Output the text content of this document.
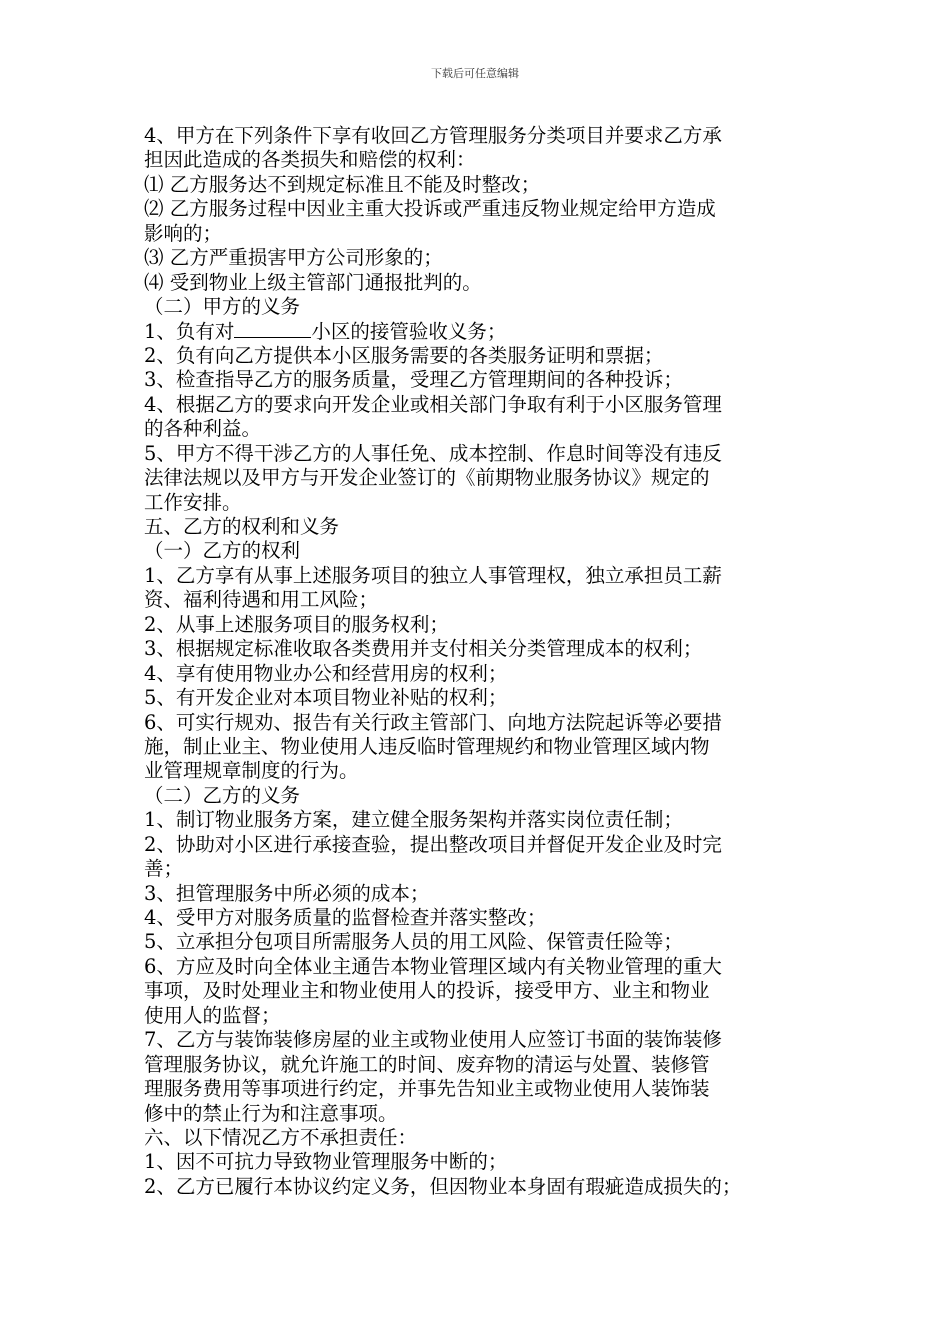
下载后可任意编辑
4、甲方在下列条件下享有收回乙方管理服务分类项目并要求乙方承
担因此造成的各类损失和赔偿的权利：
⑴ 乙方服务达不到规定标准且不能及时整改；
⑵ 乙方服务过程中因业主重大投诉或严重违反物业规定给甲方造成
影响的；
⑶ 乙方严重损害甲方公司形象的；
⑷ 受到物业上级主管部门通报批判的。
（二）甲方的义务
1、负有对	小区的接管验收义务；
2、负有向乙方提供本小区服务需要的各类服务证明和票据；
3、检查指导乙方的服务质量，受理乙方管理期间的各种投诉；
4、根据乙方的要求向开发企业或相关部门争取有利于小区服务管理
的各种利益。
5、甲方不得干涉乙方的人事任免、成本控制、作息时间等没有违反
法律法规以及甲方与开发企业签订的《前期物业服务协议》规定的
工作安排。
五、乙方的权利和义务
（一）乙方的权利
1、乙方享有从事上述服务项目的独立人事管理权，独立承担员工薪
资、福利待遇和用工风险；
2、从事上述服务项目的服务权利；
3、根据规定标准收取各类费用并支付相关分类管理成本的权利；
4、享有使用物业办公和经营用房的权利；
5、有开发企业对本项目物业补贴的权利；
6、可实行规劝、报告有关行政主管部门、向地方法院起诉等必要措
施，制止业主、物业使用人违反临时管理规约和物业管理区域内物
业管理规章制度的行为。
（二）乙方的义务
1、制订物业服务方案，建立健全服务架构并落实岗位责任制；
2、协助对小区进行承接查验，提出整改项目并督促开发企业及时完
善；
3、担管理服务中所必须的成本；
4、受甲方对服务质量的监督检查并落实整改；
5、立承担分包项目所需服务人员的用工风险、保管责任险等；
6、方应及时向全体业主通告本物业管理区域内有关物业管理的重大
事项，及时处理业主和物业使用人的投诉，接受甲方、业主和物业
使用人的监督；
7、乙方与装饰装修房屋的业主或物业使用人应签订书面的装饰装修
管理服务协议，就允许施工的时间、废弃物的清运与处置、装修管
理服务费用等事项进行约定，并事先告知业主或物业使用人装饰装
修中的禁止行为和注意事项。
六、以下情况乙方不承担责任：
1、因不可抗力导致物业管理服务中断的；
2、乙方已履行本协议约定义务，但因物业本身固有瑕疵造成损失的；
